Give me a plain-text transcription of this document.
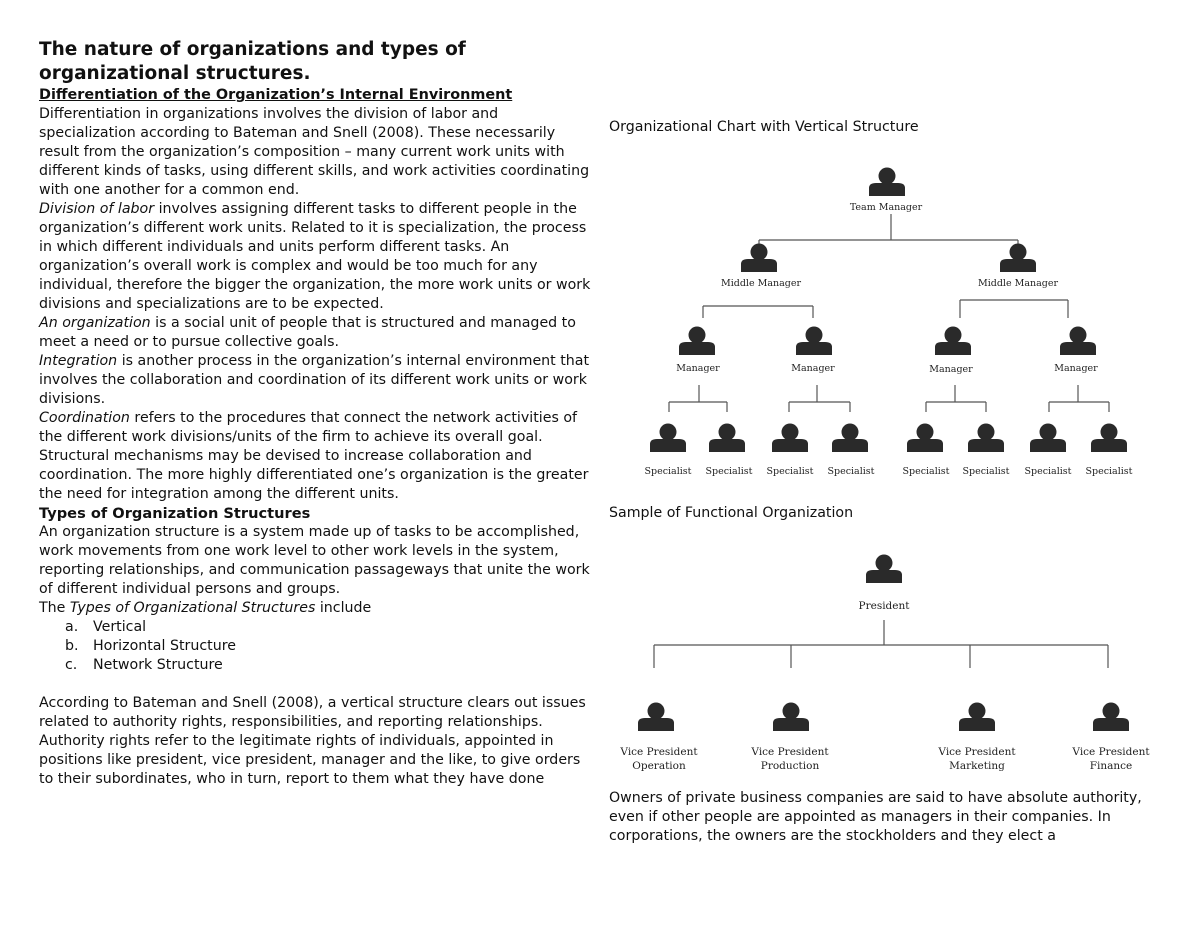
The nature of organizations and types of organizational structures.
Differentiation of the Organization’s Internal Environment

Differentiation in organizations involves the division of labor and specialization according to Bateman and Snell (2008). These necessarily result from the organization’s composition – many current work units with different kinds of tasks, using different skills, and work activities coordinating with one another for a common end.

Division of labor involves assigning different tasks to different people in the organization’s different work units. Related to it is specialization, the process in which different individuals and units perform different tasks. An organization’s overall work is complex and would be too much for any individual, therefore the bigger the organization, the more work units or work divisions and specializations are to be expected.

An organization is a social unit of people that is structured and managed to meet a need or to pursue collective goals.

Integration is another process in the organization’s internal environment that involves the collaboration and coordination of its different work units or work divisions.

Coordination refers to the procedures that connect the network activities of the different work divisions/units of the firm to achieve its overall goal. Structural mechanisms may be devised to increase collaboration and coordination. The more highly differentiated one’s organization is the greater the need for integration among the different units.

Types of Organization Structures

An organization structure is a system made up of tasks to be accomplished, work movements from one work level to other work levels in the system, reporting relationships, and communication passageways that unite the work of different individual persons and groups.

The Types of Organizational Structures include

a. Vertical
b. Horizontal Structure
c. Network Structure

According to Bateman and Snell (2008), a vertical structure clears out issues related to authority rights, responsibilities, and reporting relationships. Authority rights refer to the legitimate rights of individuals, appointed in positions like president, vice president, manager and the like, to give orders to their subordinates, who in turn, report to them what they have done

Organizational Chart with Vertical Structure
Team Manager
Middle Manager	Middle Manager
Manager	Manager	Manager	Manager
Specialist Specialist Specialist Specialist	Specialist Specialist Specialist Specialist
President
Vice President
Operation
Vice President
Production
Vice President
Marketing
Vice President
Finance
Sample of Functional Organization

Owners of private business companies are said to have absolute authority, even if other people are appointed as managers in their companies. In corporations, the owners are the stockholders and they elect a
